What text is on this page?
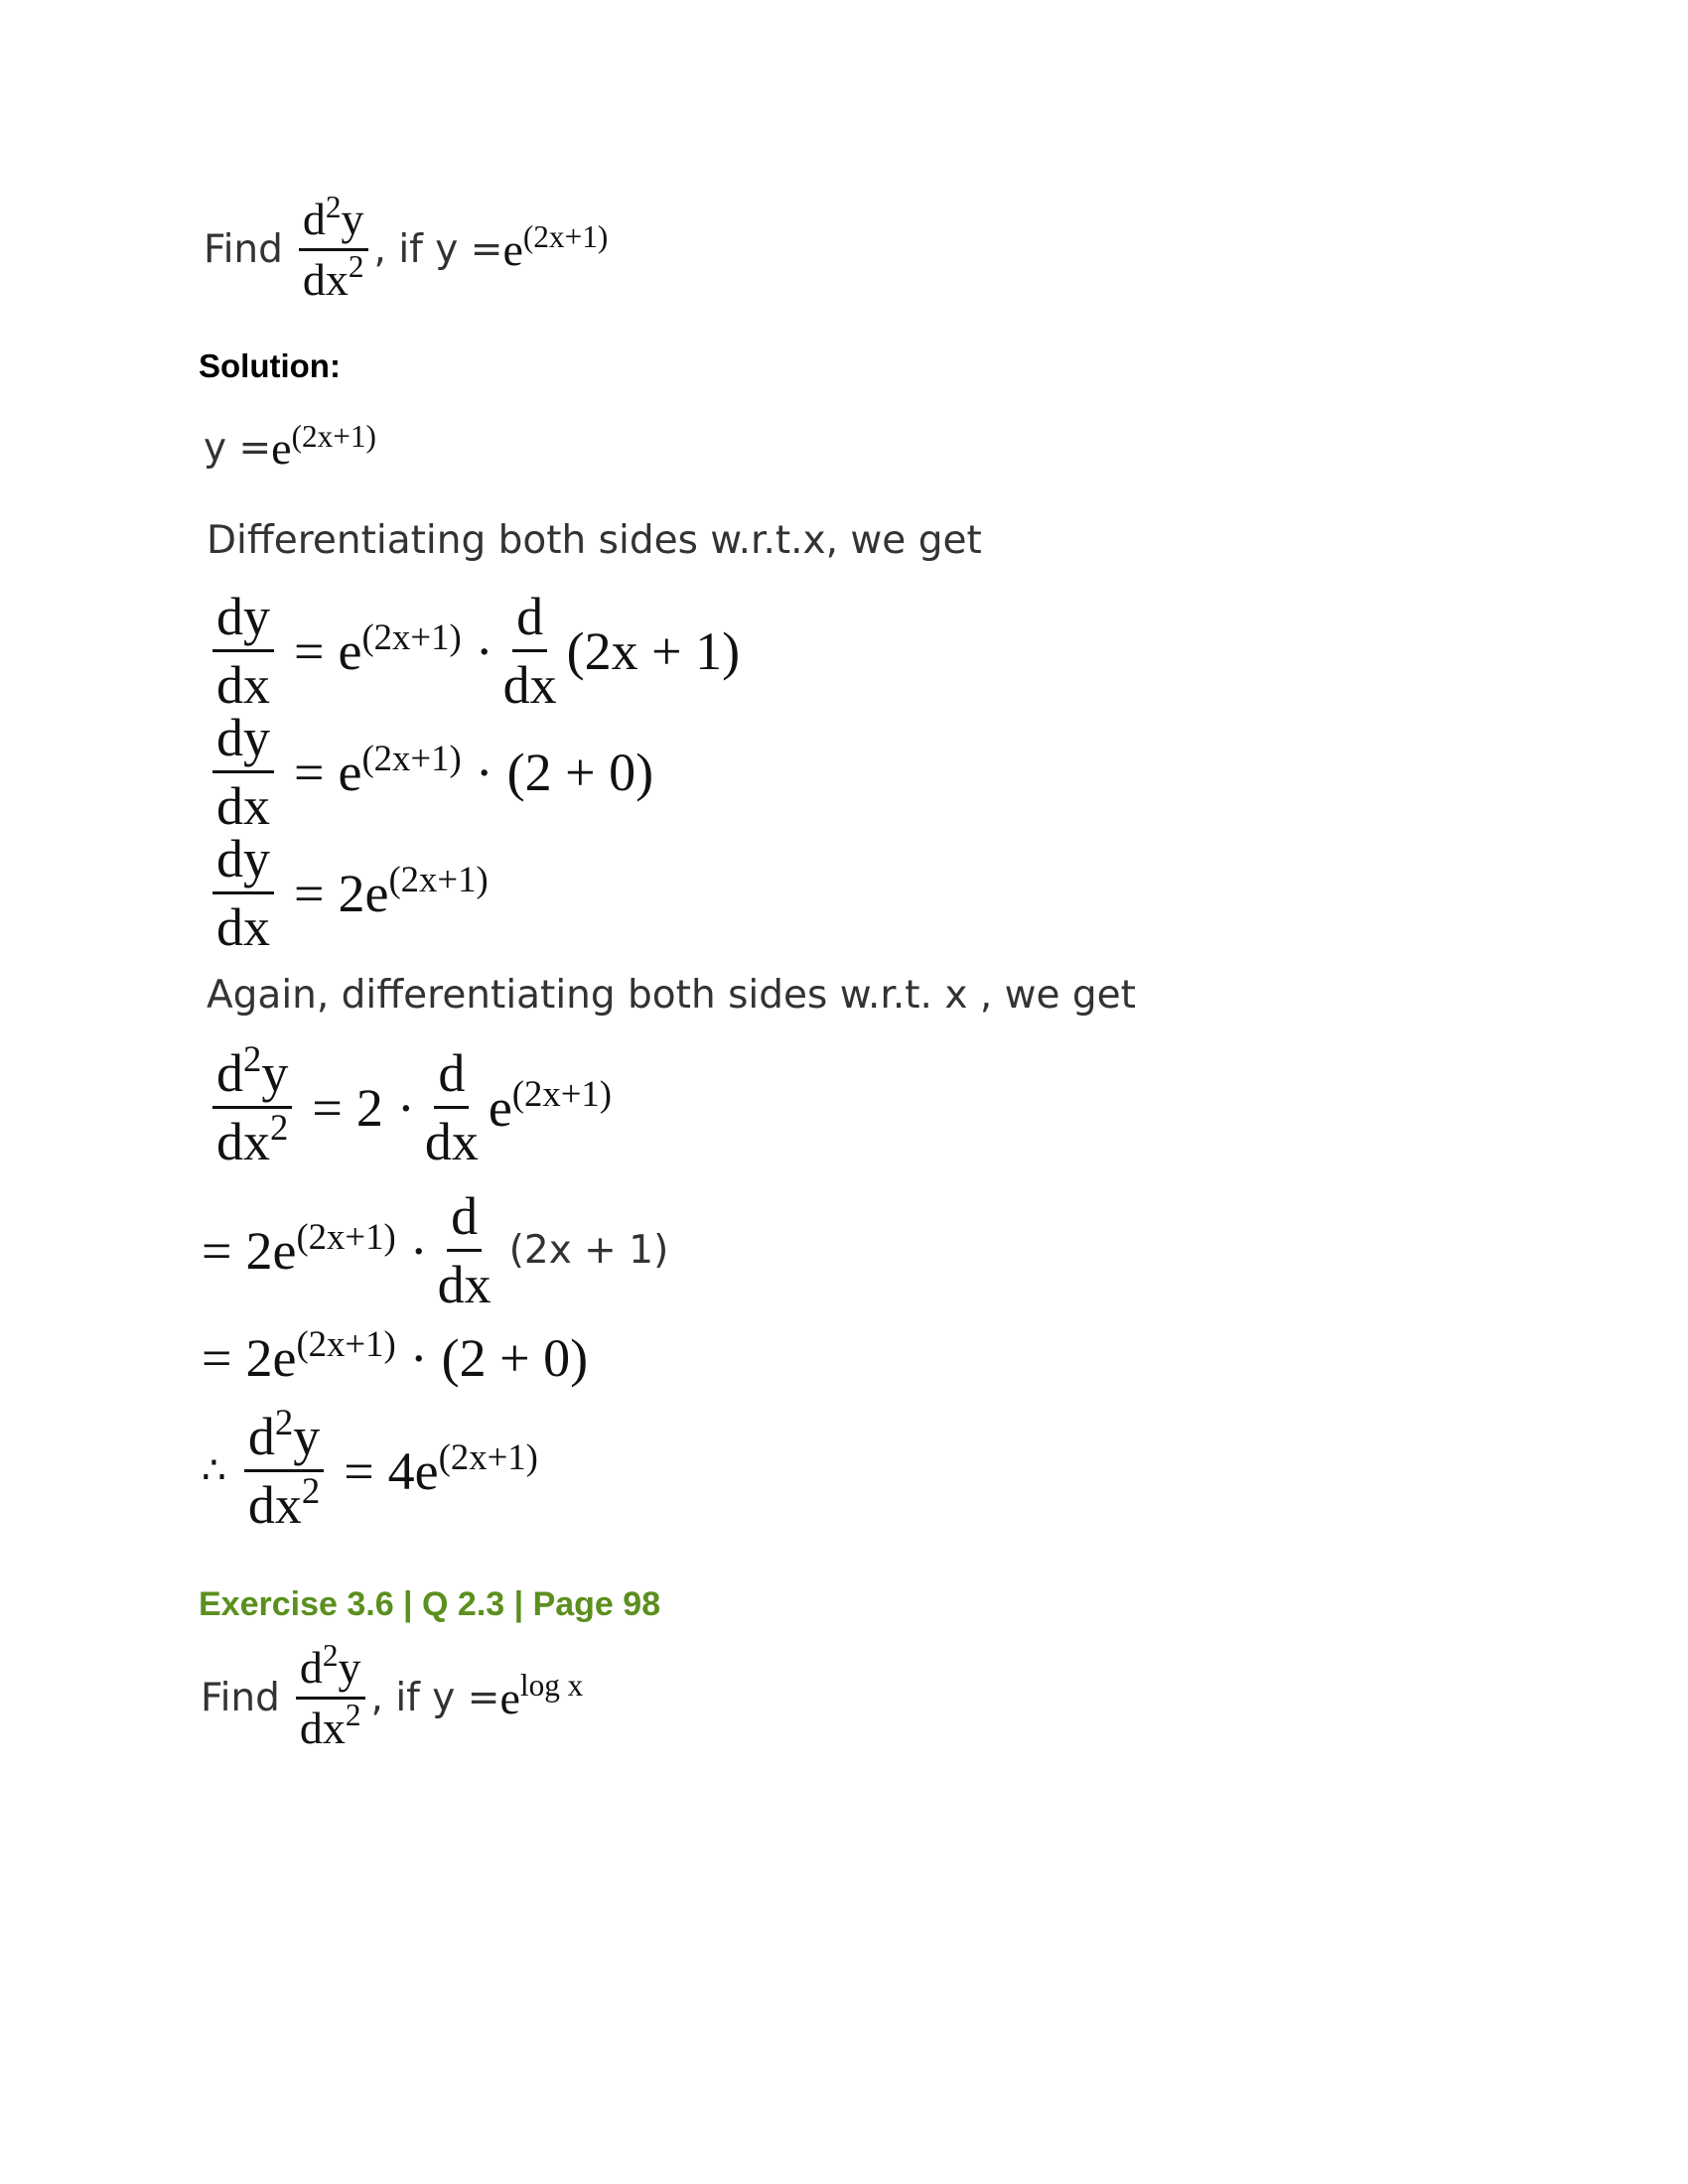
Find $\frac{d^2y}{dx^2}$ , if $y = e^{(2x+1)}$
Solution:
$y = e^{(2x+1)}$
Differentiating both sides w.r.t.x, we get
$\frac{dy}{dx} = e^{(2x+1)} \cdot \frac{d}{dx} (2x + 1)$
$\frac{dy}{dx} = e^{(2x+1)} \cdot (2 + 0)$
$\frac{dy}{dx} = 2e^{(2x+1)}$
Again, differentiating both sides w.r.t. x , we get
$\frac{d^2y}{dx^2} = 2 \cdot \frac{d}{dx} e^{(2x+1)}$
= $2e^{(2x+1)} \cdot \frac{d}{dx} (2x + 1)$
= $2e^{(2x+1)} \cdot (2 + 0)$
∴ $\frac{d^2y}{dx^2} = 4e^{(2x+1)}$
Exercise 3.6 | Q 2.3 | Page 98
Find $\frac{d^2y}{dx^2}$ , if $y = e^{log x}$
